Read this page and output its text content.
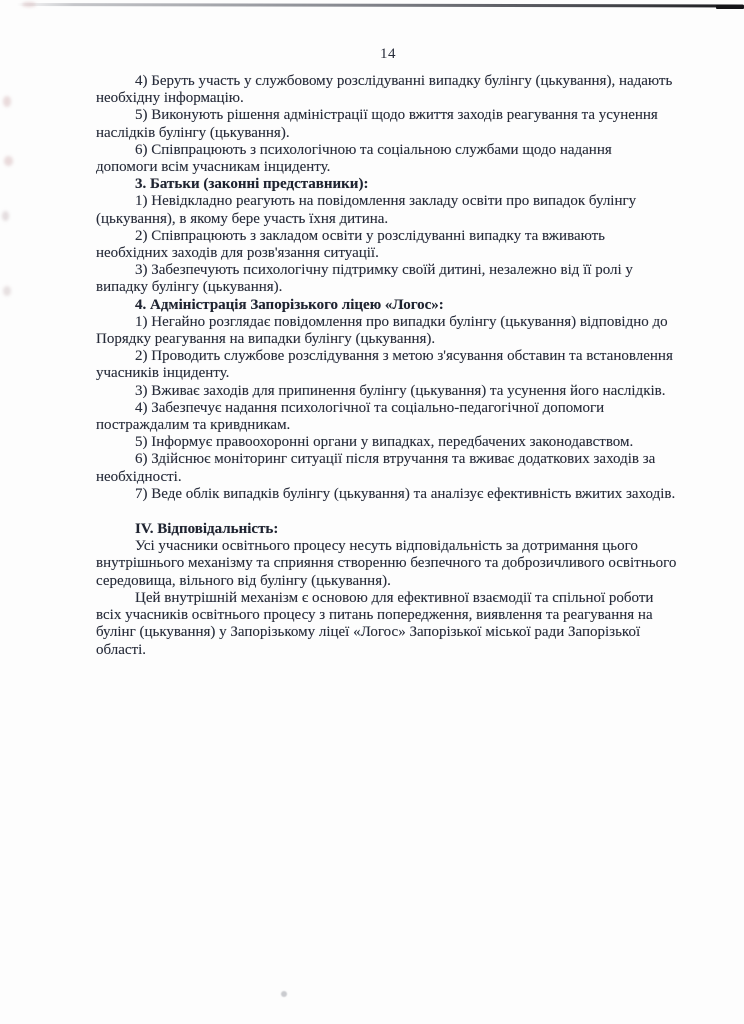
14
4) Беруть участь у службовому розслідуванні випадку булінгу (цькування), надають
необхідну інформацію.
5) Виконують рішення адміністрації щодо вжиття заходів реагування та усунення
наслідків булінгу (цькування).
6) Співпрацюють з психологічною та соціальною службами щодо надання
допомоги всім учасникам інциденту.
3. Батьки (законні представники):
1) Невідкладно реагують на повідомлення закладу освіти про випадок булінгу
(цькування), в якому бере участь їхня дитина.
2) Співпрацюють з закладом освіти у розслідуванні випадку та вживають
необхідних заходів для розв'язання ситуації.
3) Забезпечують психологічну підтримку своїй дитині, незалежно від її ролі у
випадку булінгу (цькування).
4. Адміністрація Запорізького ліцею «Логос»:
1) Негайно розглядає повідомлення про випадки булінгу (цькування) відповідно до
Порядку реагування на випадки булінгу (цькування).
2) Проводить службове розслідування з метою з'ясування обставин та встановлення
учасників інциденту.
3) Вживає заходів для припинення булінгу (цькування) та усунення його наслідків.
4) Забезпечує надання психологічної та соціально-педагогічної допомоги
постраждалим та кривдникам.
5) Інформує правоохоронні органи у випадках, передбачених законодавством.
6) Здійснює моніторинг ситуації після втручання та вживає додаткових заходів за
необхідності.
7) Веде облік випадків булінгу (цькування) та аналізує ефективність вжитих заходів.
IV. Відповідальність:
Усі учасники освітнього процесу несуть відповідальність за дотримання цього
внутрішнього механізму та сприяння створенню безпечного та доброзичливого освітнього
середовища, вільного від булінгу (цькування).
Цей внутрішній механізм є основою для ефективної взаємодії та спільної роботи
всіх учасників освітнього процесу з питань попередження, виявлення та реагування на
булінг (цькування) у Запорізькому ліцеї «Логос» Запорізької міської ради Запорізької
області.
